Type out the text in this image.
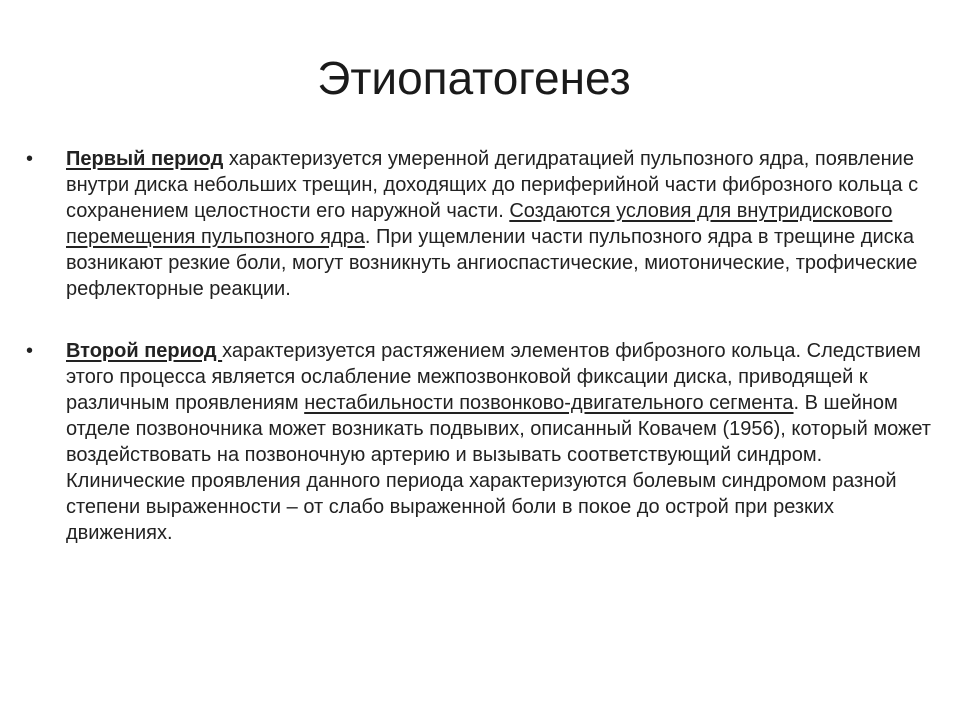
Этиопатогенез
• Первый период характеризуется умеренной дегидратацией пульпозного ядра, появление внутри диска небольших трещин, доходящих до периферийной части фиброзного кольца с сохранением целостности его наружной части. Создаются условия для внутридискового перемещения пульпозного ядра. При ущемлении части пульпозного ядра в трещине диска возникают резкие боли, могут возникнуть ангиоспастические, миотонические, трофические рефлекторные реакции.
• Второй период характеризуется растяжением элементов фиброзного кольца. Следствием этого процесса является ослабление межпозвонковой фиксации диска, приводящей к различным проявлениям нестабильности позвонково-двигательного сегмента. В шейном отделе позвоночника может возникать подвывих, описанный Ковачем (1956), который может воздействовать на позвоночную артерию и вызывать соответствующий синдром. Клинические проявления данного периода характеризуются болевым синдромом разной степени выраженности – от слабо выраженной боли в покое до острой при резких движениях.
